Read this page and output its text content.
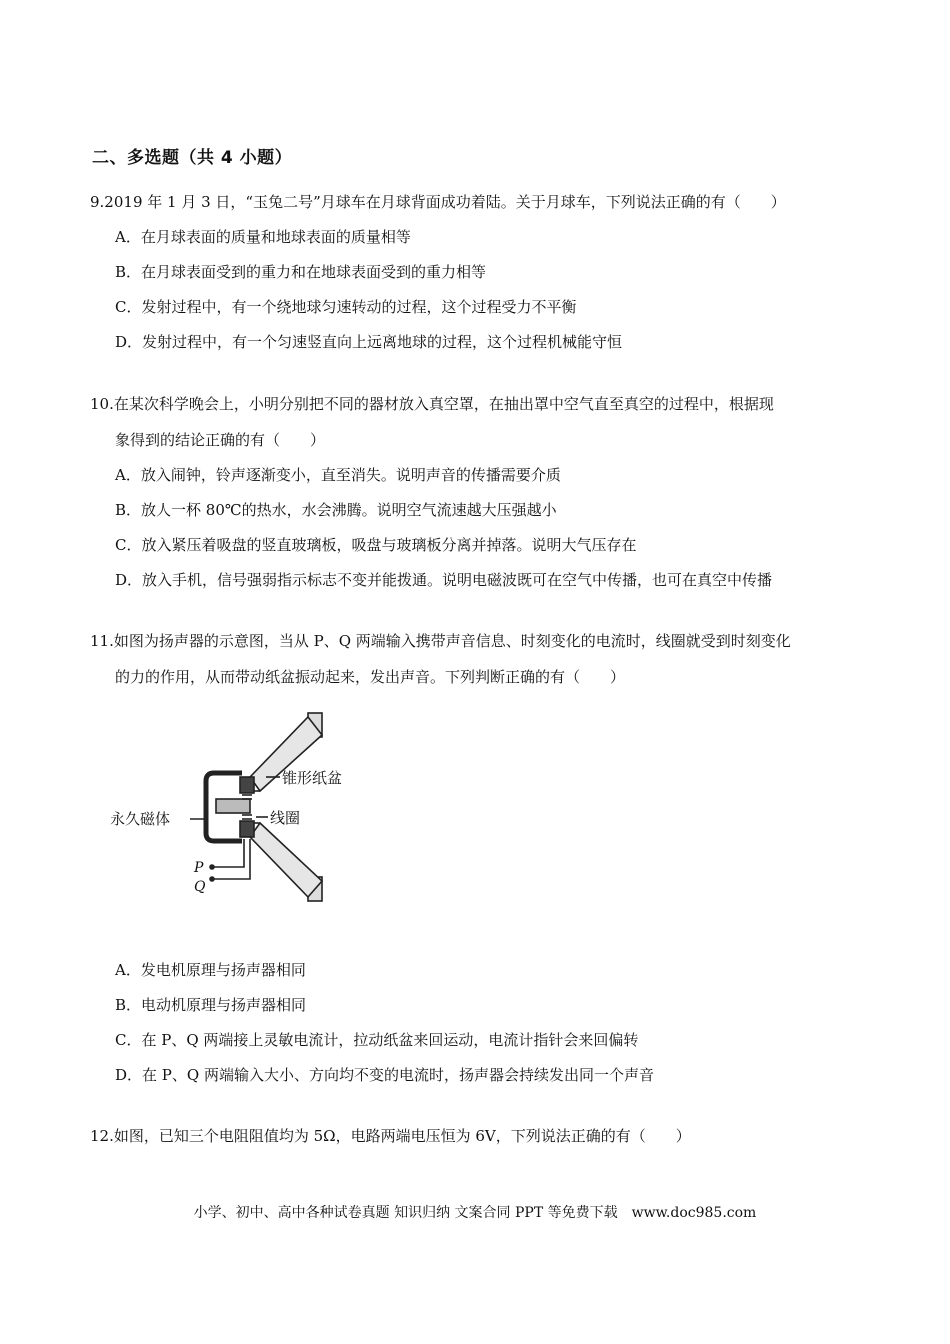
二、多选题（共 4 小题）
9.2019 年 1 月 3 日，“玉兔二号”月球车在月球背面成功着陆。关于月球车，下列说法正确的有（　　）
A．在月球表面的质量和地球表面的质量相等
B．在月球表面受到的重力和在地球表面受到的重力相等
C．发射过程中，有一个绕地球匀速转动的过程，这个过程受力不平衡
D．发射过程中，有一个匀速竖直向上远离地球的过程，这个过程机械能守恒
10.在某次科学晚会上，小明分别把不同的器材放入真空罩，在抽出罩中空气直至真空的过程中，根据现
象得到的结论正确的有（　　）
A．放入闹钟，铃声逐渐变小，直至消失。说明声音的传播需要介质
B．放人一杯 80℃的热水，水会沸腾。说明空气流速越大压强越小
C．放入紧压着吸盘的竖直玻璃板，吸盘与玻璃板分离并掉落。说明大气压存在
D．放入手机，信号强弱指示标志不变并能拨通。说明电磁波既可在空气中传播，也可在真空中传播
11.如图为扬声器的示意图，当从 P、Q 两端输入携带声音信息、时刻变化的电流时，线圈就受到时刻变化
的力的作用，从而带动纸盆振动起来，发出声音。下列判断正确的有（　　）
锥形纸盆
永久磁体	线圈
P
Q
A．发电机原理与扬声器相同
B．电动机原理与扬声器相同
C．在 P、Q 两端接上灵敏电流计，拉动纸盆来回运动，电流计指针会来回偏转
D．在 P、Q 两端输入大小、方向均不变的电流时，扬声器会持续发出同一个声音
12.如图，已知三个电阻阻值均为 5Ω，电路两端电压恒为 6V，下列说法正确的有（　　）
小学、初中、高中各种试卷真题 知识归纳 文案合同 PPT 等免费下载　www.doc985.com
